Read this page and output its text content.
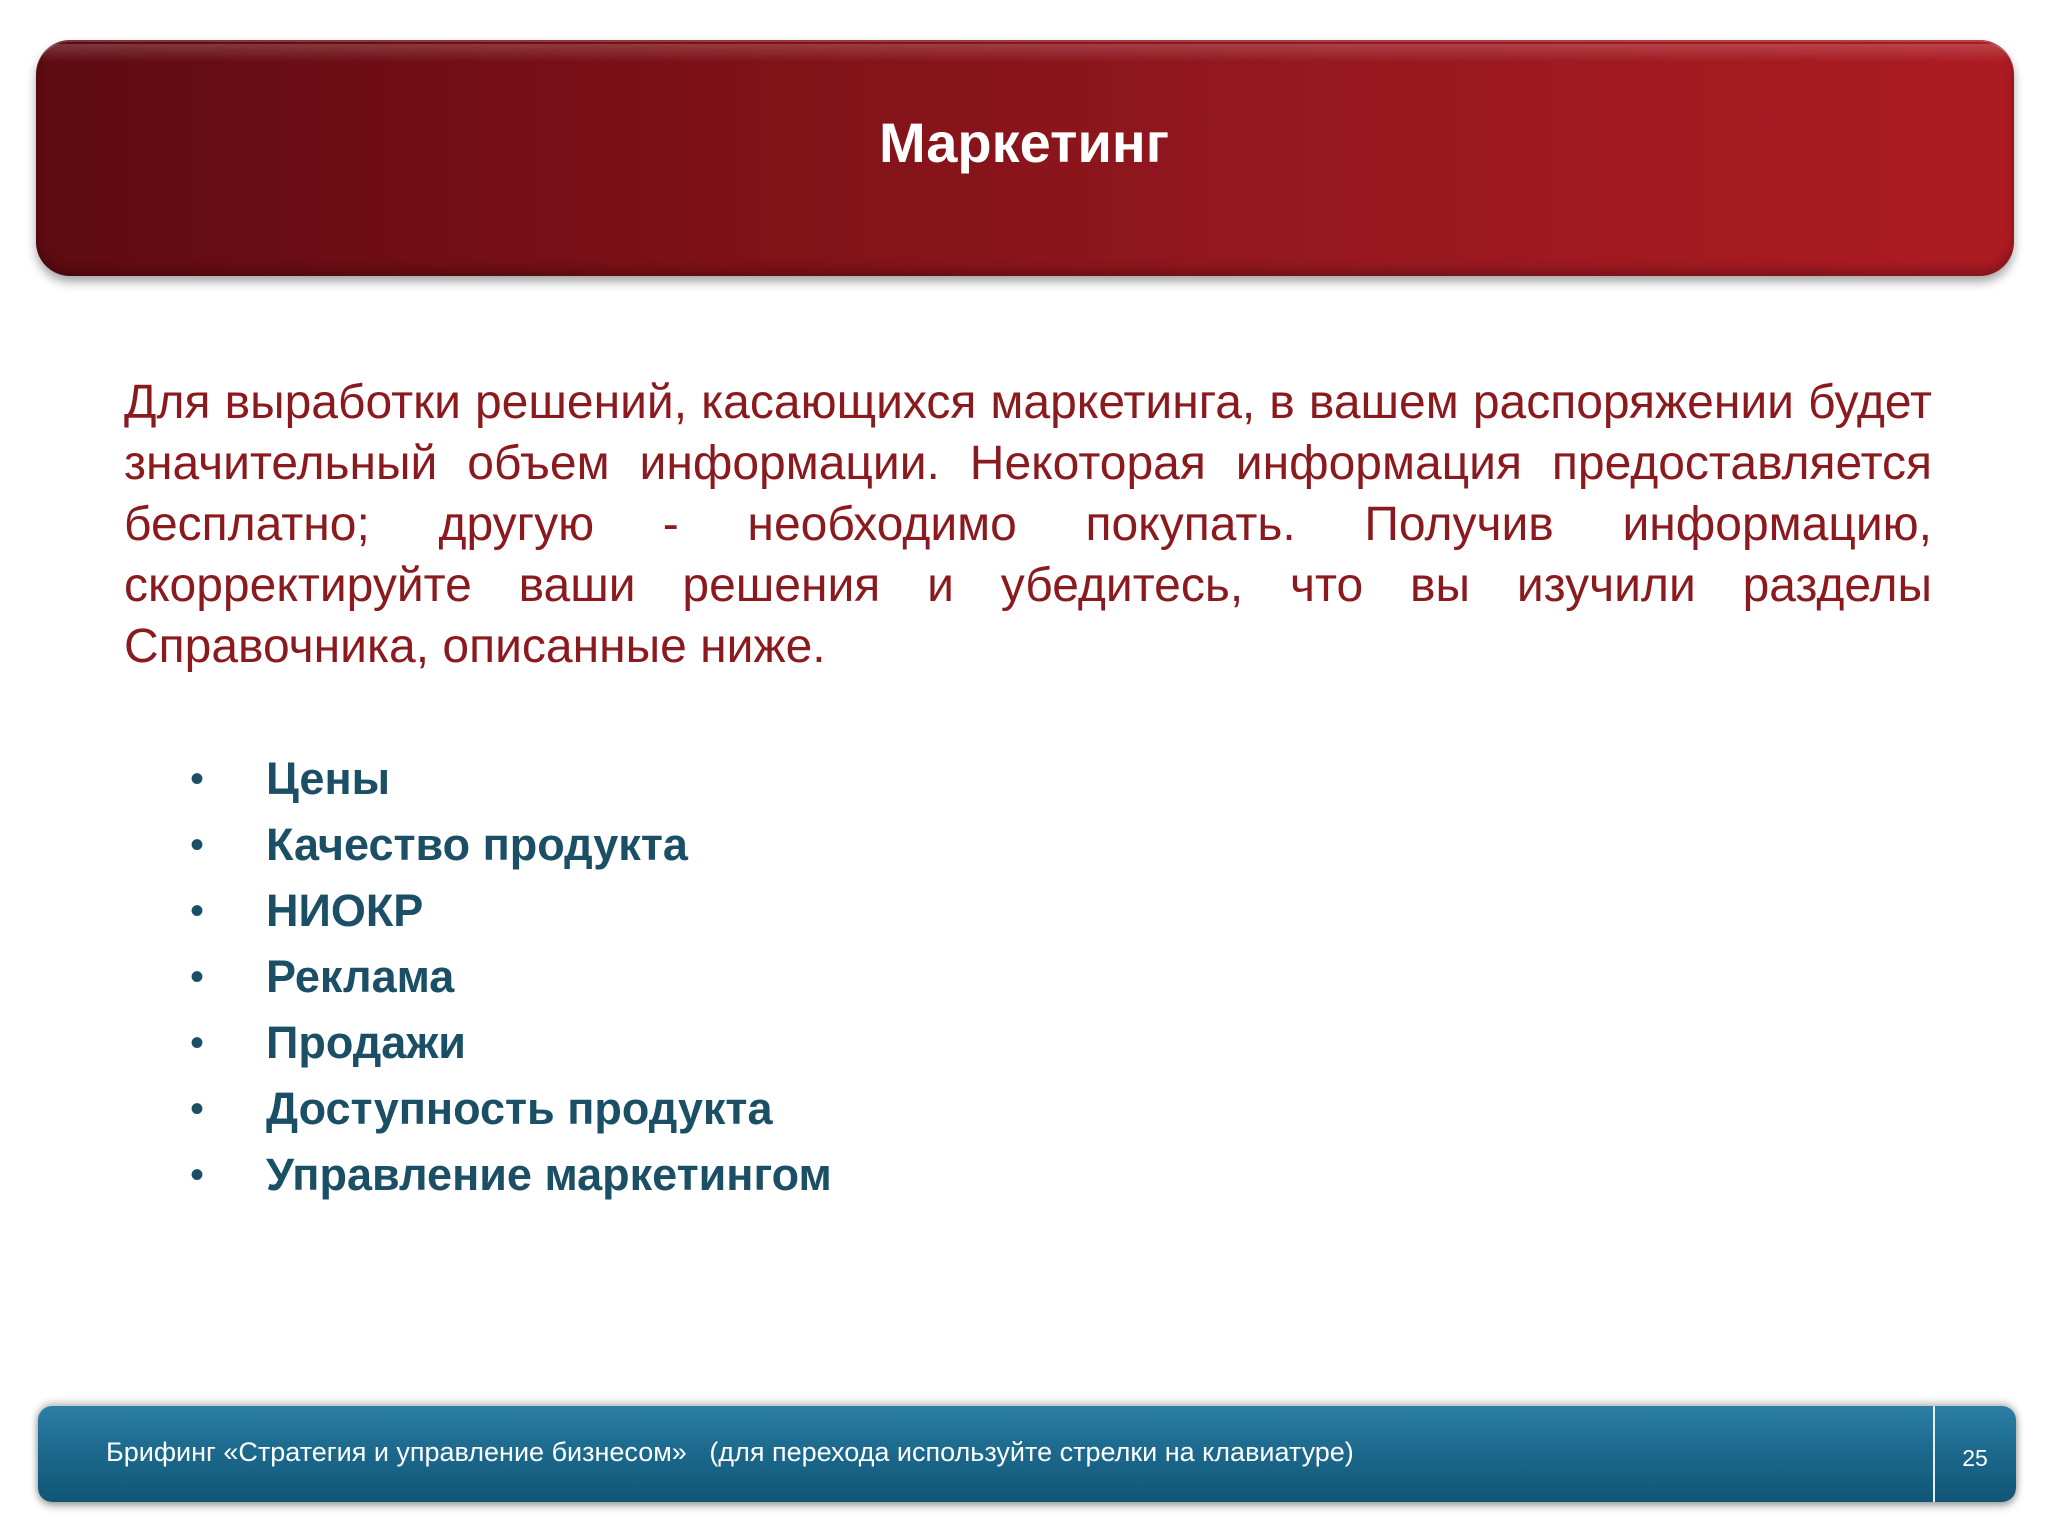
Маркетинг

Для выработки решений, касающихся маркетинга, в вашем распоряжении будет значительный объем информации. Некоторая информация предоставляется бесплатно; другую - необходимо покупать. Получив информацию, скорректируйте ваши решения и убедитесь, что вы изучили разделы Справочника, описанные ниже.

• Цены
• Качество продукта
• НИОКР
• Реклама
• Продажи
• Доступность продукта
• Управление маркетингом

Брифинг «Стратегия и управление бизнесом»   (для перехода используйте стрелки на клавиатуре)	25
